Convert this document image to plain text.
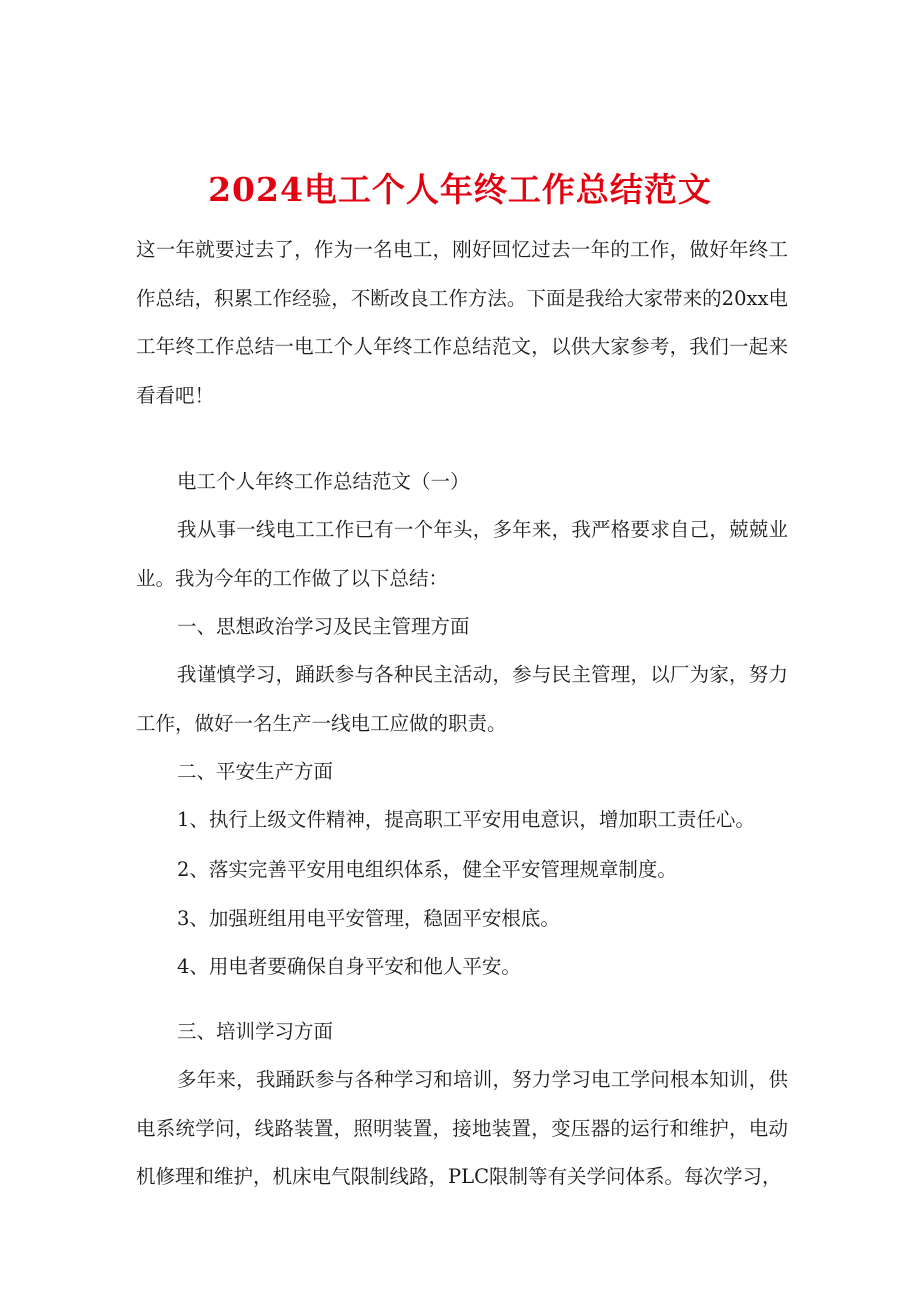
2024电工个人年终工作总结范文

这一年就要过去了，作为一名电工，刚好回忆过去一年的工作，做好年终工作总结，积累工作经验，不断改良工作方法。下面是我给大家带来的20xx电工年终工作总结一电工个人年终工作总结范文，以供大家参考，我们一起来看看吧！

电工个人年终工作总结范文（一）

我从事一线电工工作已有一个年头，多年来，我严格要求自己，兢兢业业。我为今年的工作做了以下总结：

一、思想政治学习及民主管理方面

我谨慎学习，踊跃参与各种民主活动，参与民主管理，以厂为家，努力工作，做好一名生产一线电工应做的职责。

二、平安生产方面

1、执行上级文件精神，提高职工平安用电意识，增加职工责任心。

2、落实完善平安用电组织体系，健全平安管理规章制度。

3、加强班组用电平安管理，稳固平安根底。

4、用电者要确保自身平安和他人平安。

三、培训学习方面

多年来，我踊跃参与各种学习和培训，努力学习电工学问根本知训，供电系统学问，线路装置，照明装置，接地装置，变压器的运行和维护，电动机修理和维护，机床电气限制线路，PLC限制等有关学问体系。每次学习，
